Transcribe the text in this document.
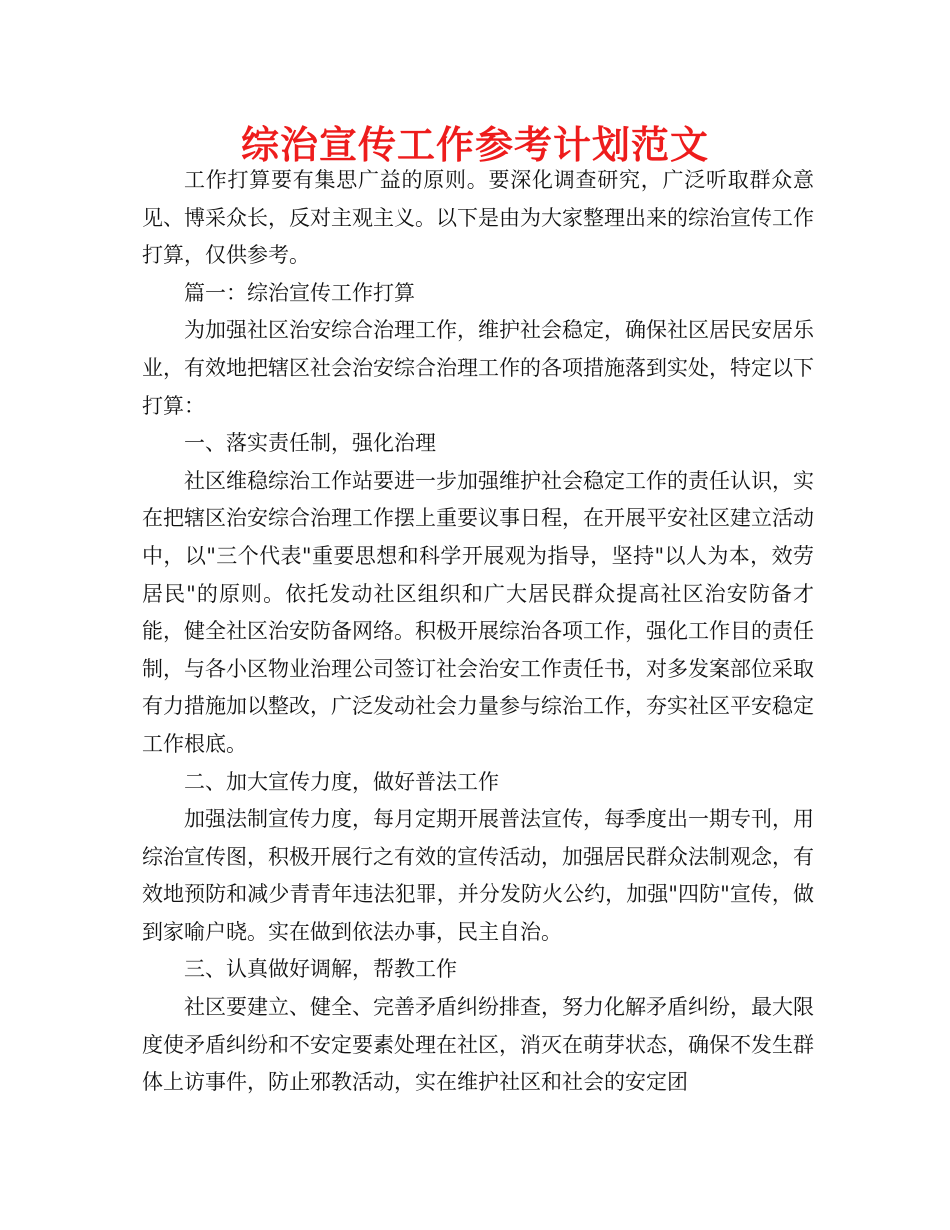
综治宣传工作参考计划范文

工作打算要有集思广益的原则。要深化调查研究，广泛听取群众意见、博采众长，反对主观主义。以下是由为大家整理出来的综治宣传工作打算，仅供参考。

篇一：综治宣传工作打算

为加强社区治安综合治理工作，维护社会稳定，确保社区居民安居乐业，有效地把辖区社会治安综合治理工作的各项措施落到实处，特定以下打算：

一、落实责任制，强化治理

社区维稳综治工作站要进一步加强维护社会稳定工作的责任认识，实在把辖区治安综合治理工作摆上重要议事日程，在开展平安社区建立活动中，以"三个代表"重要思想和科学开展观为指导，坚持"以人为本，效劳居民"的原则。依托发动社区组织和广大居民群众提高社区治安防备才能，健全社区治安防备网络。积极开展综治各项工作，强化工作目的责任制，与各小区物业治理公司签订社会治安工作责任书，对多发案部位采取有力措施加以整改，广泛发动社会力量参与综治工作，夯实社区平安稳定工作根底。

二、加大宣传力度，做好普法工作

加强法制宣传力度，每月定期开展普法宣传，每季度出一期专刊，用综治宣传图，积极开展行之有效的宣传活动，加强居民群众法制观念，有效地预防和减少青青年违法犯罪，并分发防火公约，加强"四防"宣传，做到家喻户晓。实在做到依法办事，民主自治。

三、认真做好调解，帮教工作

社区要建立、健全、完善矛盾纠纷排查，努力化解矛盾纠纷，最大限度使矛盾纠纷和不安定要素处理在社区，消灭在萌芽状态，确保不发生群体上访事件，防止邪教活动，实在维护社区和社会的安定团
